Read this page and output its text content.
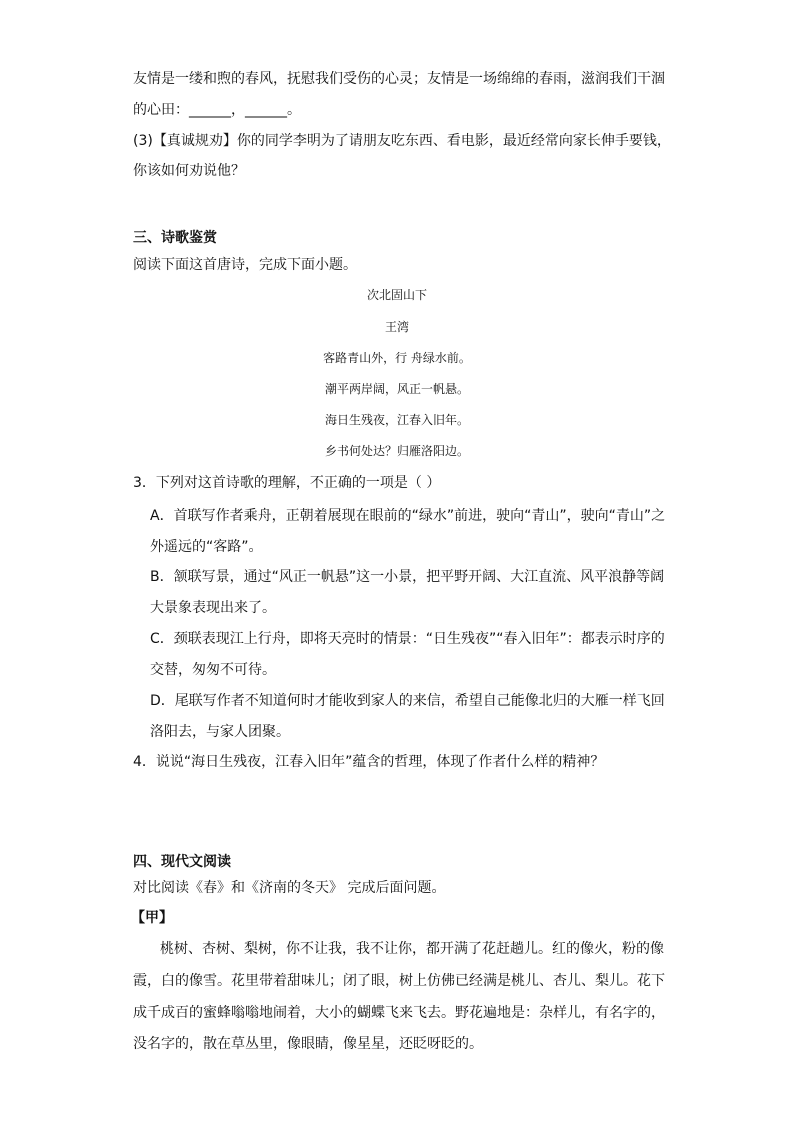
友情是一缕和煦的春风，抚慰我们受伤的心灵；友情是一场绵绵的春雨，滋润我们干涸
的心田：______，______。
(3)【真诚规劝】你的同学李明为了请朋友吃东西、看电影，最近经常向家长伸手要钱，
你该如何劝说他？
三、诗歌鉴赏
阅读下面这首唐诗，完成下面小题。
次北固山下
王湾
客路青山外，行 舟绿水前。
潮平两岸阔，风正一帆悬。
海日生残夜，江春入旧年。
乡书何处达？归雁洛阳边。
3．下列对这首诗歌的理解，不正确的一项是（ ）
A．首联写作者乘舟，正朝着展现在眼前的“绿水”前进，驶向“青山”，驶向“青山”之
外遥远的“客路”。
B．颔联写景，通过“风正一帆悬”这一小景，把平野开阔、大江直流、风平浪静等阔
大景象表现出来了。
C．颈联表现江上行舟，即将天亮时的情景：“日生残夜”“春入旧年”：都表示时序的
交替，匆匆不可待。
D．尾联写作者不知道何时才能收到家人的来信，希望自己能像北归的大雁一样飞回
洛阳去，与家人团聚。
4．说说“海日生残夜，江春入旧年”蕴含的哲理，体现了作者什么样的精神？
四、现代文阅读
对比阅读《春》和《济南的冬天》 完成后面问题。
【甲】
桃树、杏树、梨树，你不让我，我不让你，都开满了花赶趟儿。红的像火，粉的像
霞，白的像雪。花里带着甜味儿；闭了眼，树上仿佛已经满是桃儿、杏儿、梨儿。花下
成千成百的蜜蜂嗡嗡地闹着，大小的蝴蝶飞来飞去。野花遍地是：杂样儿，有名字的，
没名字的，散在草丛里，像眼睛，像星星，还眨呀眨的。
